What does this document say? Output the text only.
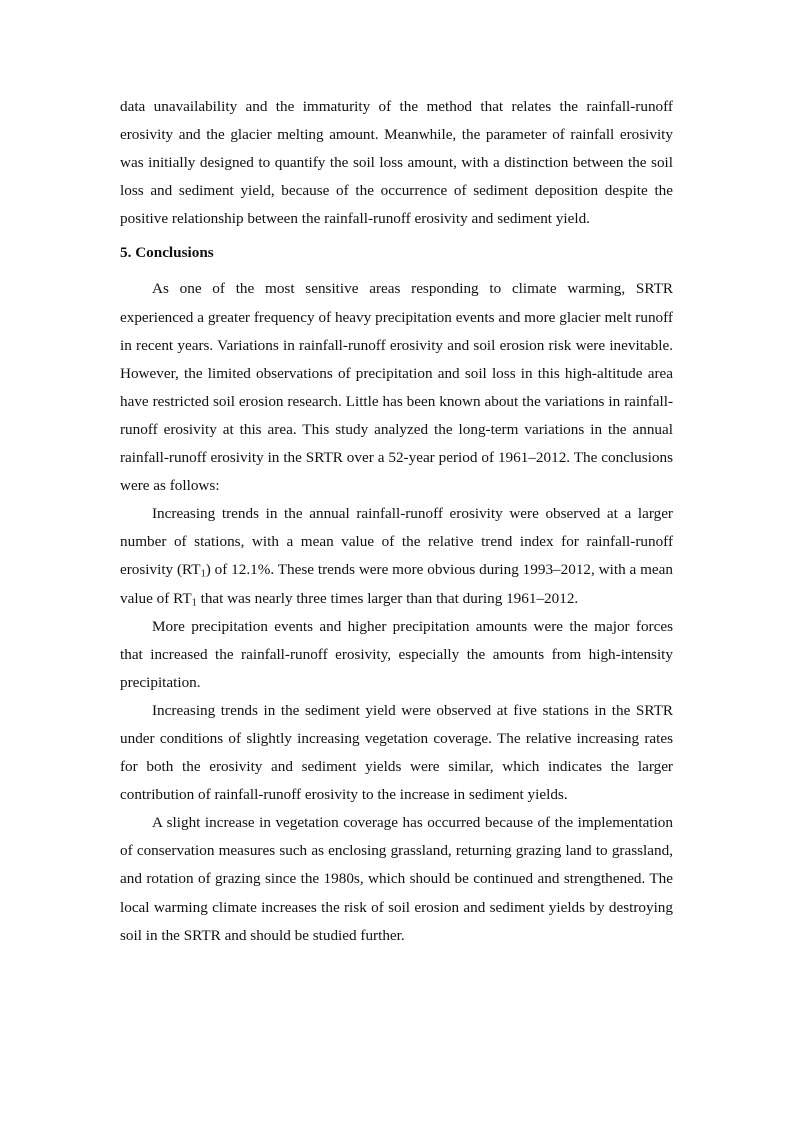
data unavailability and the immaturity of the method that relates the rainfall-runoff erosivity and the glacier melting amount. Meanwhile, the parameter of rainfall erosivity was initially designed to quantify the soil loss amount, with a distinction between the soil loss and sediment yield, because of the occurrence of sediment deposition despite the positive relationship between the rainfall-runoff erosivity and sediment yield.

5. Conclusions

As one of the most sensitive areas responding to climate warming, SRTR experienced a greater frequency of heavy precipitation events and more glacier melt runoff in recent years. Variations in rainfall-runoff erosivity and soil erosion risk were inevitable. However, the limited observations of precipitation and soil loss in this high-altitude area have restricted soil erosion research. Little has been known about the variations in rainfall-runoff erosivity at this area. This study analyzed the long-term variations in the annual rainfall-runoff erosivity in the SRTR over a 52-year period of 1961–2012. The conclusions were as follows:

Increasing trends in the annual rainfall-runoff erosivity were observed at a larger number of stations, with a mean value of the relative trend index for rainfall-runoff erosivity $(RT_1)$ of 12.1%. These trends were more obvious during 1993–2012, with a mean value of $RT_1$ that was nearly three times larger than that during 1961–2012.

More precipitation events and higher precipitation amounts were the major forces that increased the rainfall-runoff erosivity, especially the amounts from high-intensity precipitation.

Increasing trends in the sediment yield were observed at five stations in the SRTR under conditions of slightly increasing vegetation coverage. The relative increasing rates for both the erosivity and sediment yields were similar, which indicates the larger contribution of rainfall-runoff erosivity to the increase in sediment yields.

A slight increase in vegetation coverage has occurred because of the implementation of conservation measures such as enclosing grassland, returning grazing land to grassland, and rotation of grazing since the 1980s, which should be continued and strengthened. The local warming climate increases the risk of soil erosion and sediment yields by destroying soil in the SRTR and should be studied further.
